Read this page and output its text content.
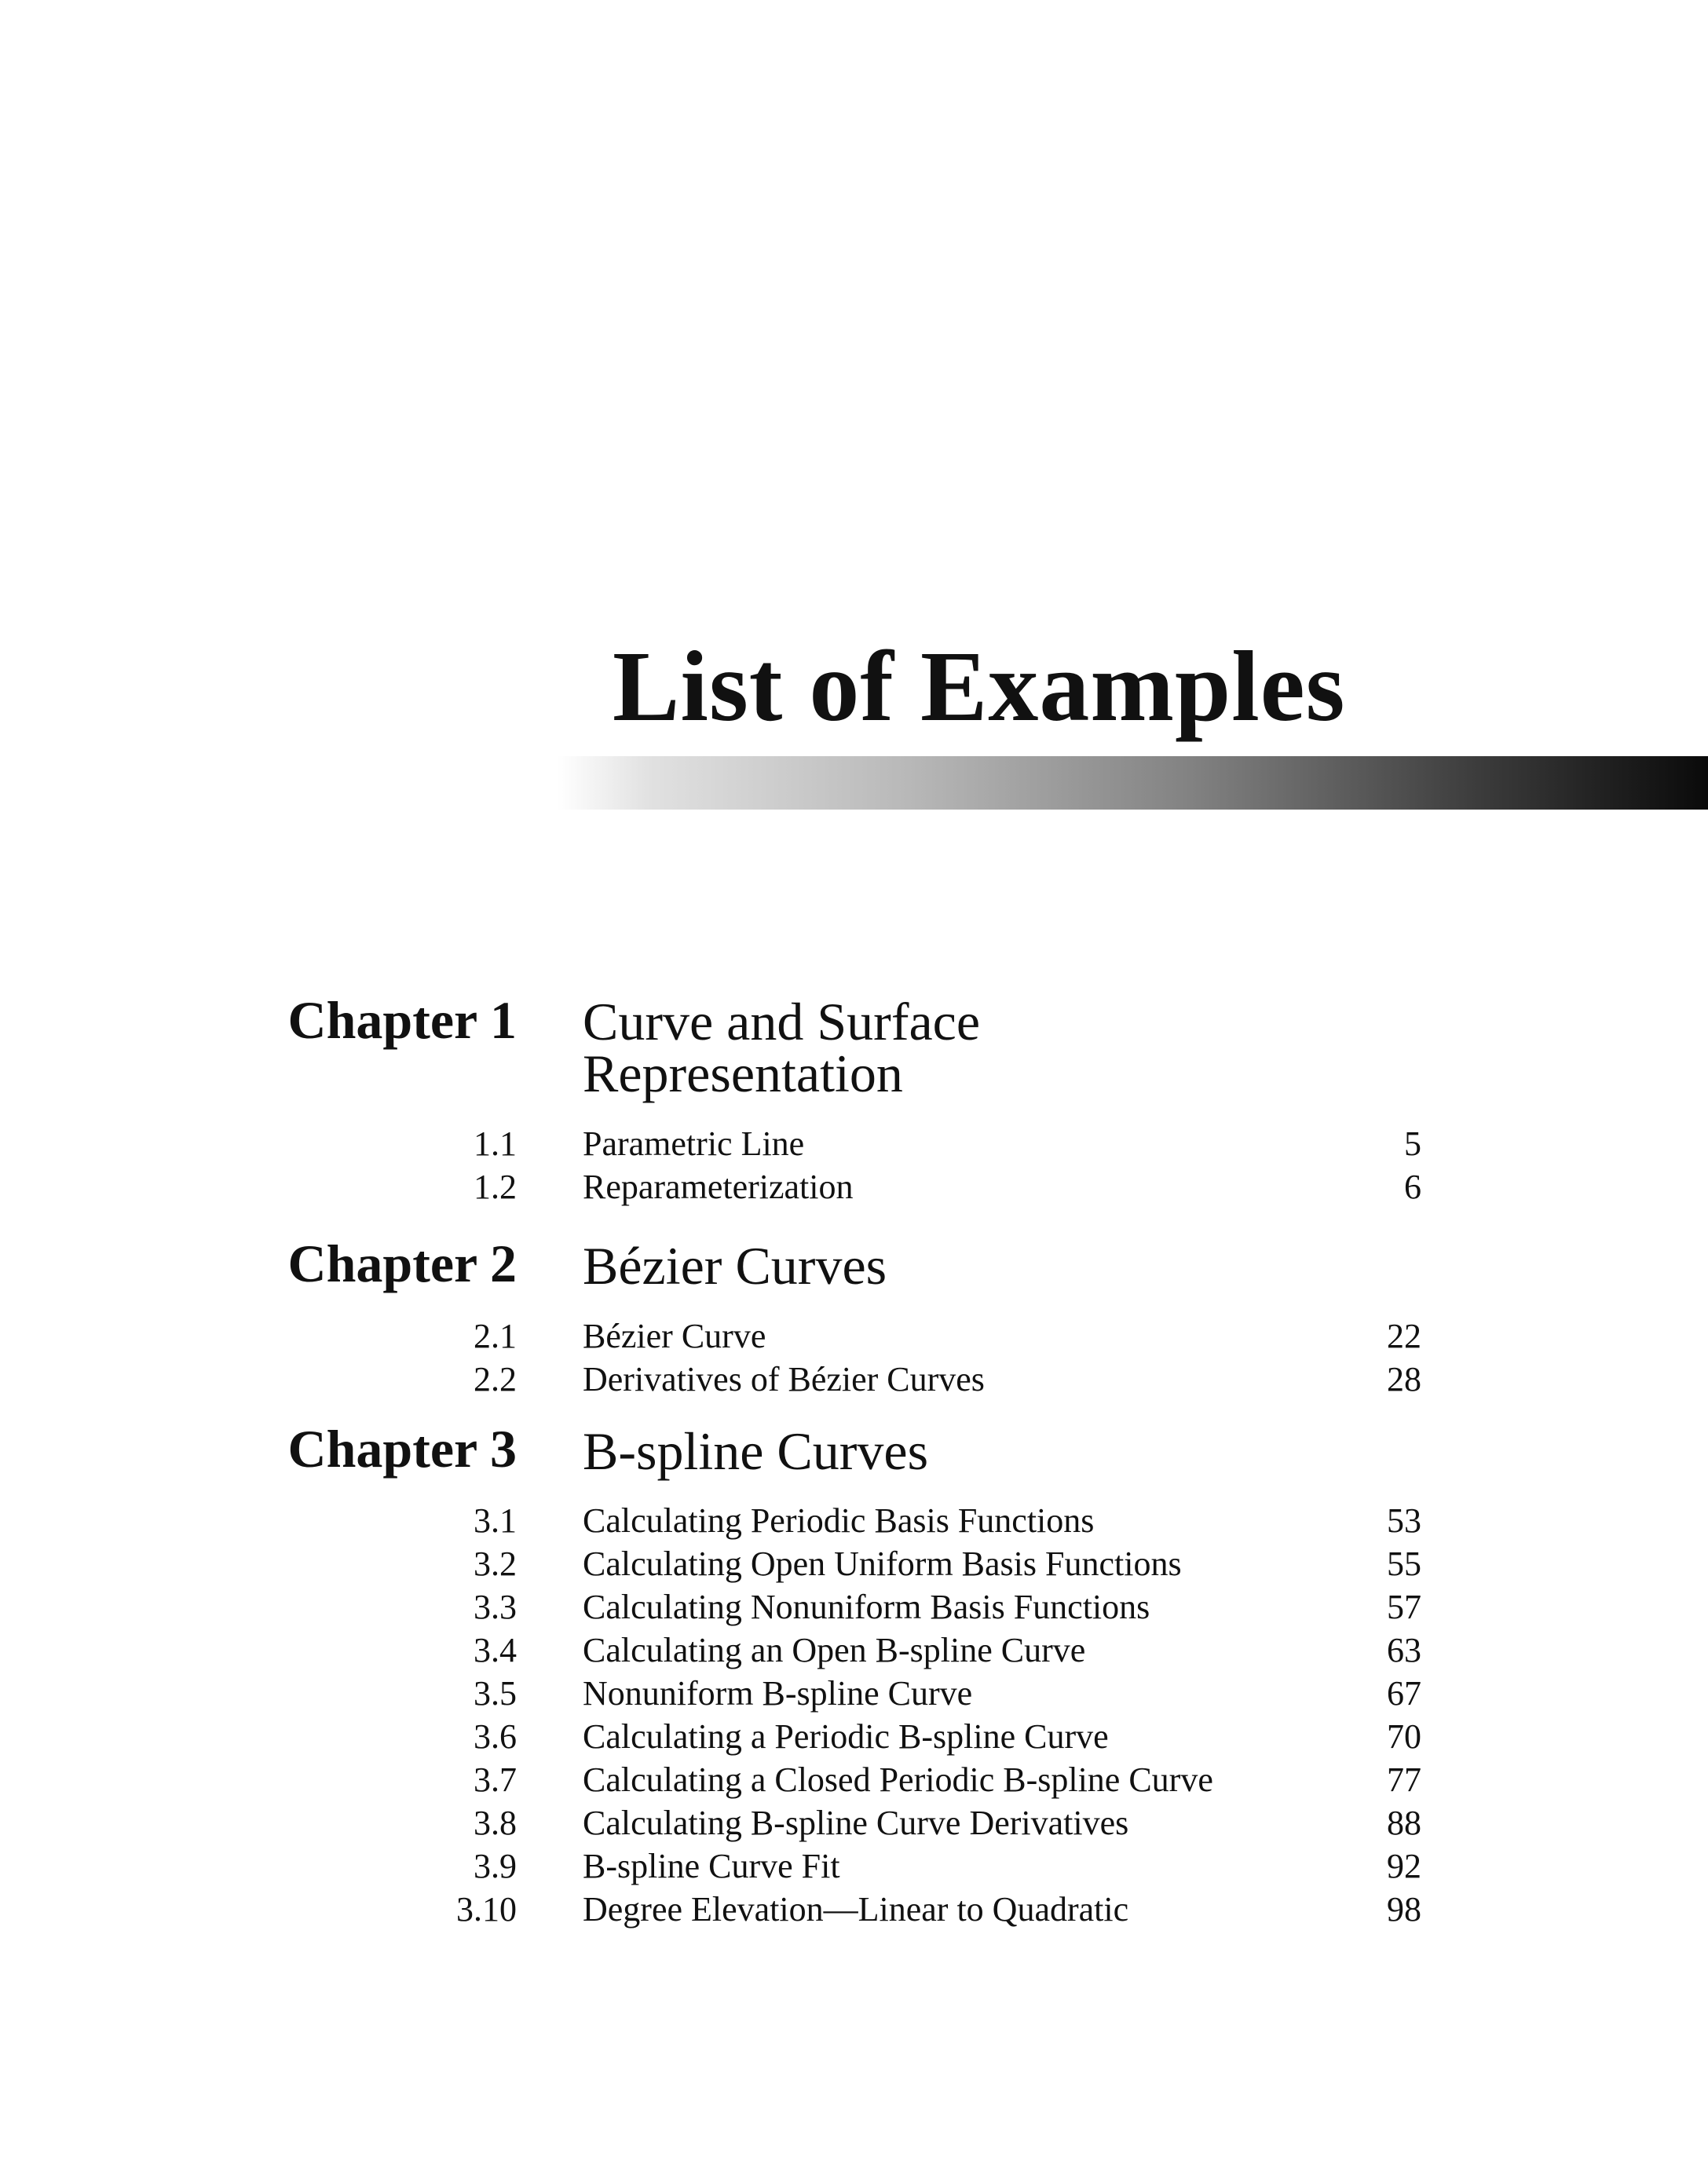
List of Examples
Chapter 1 Curve and Surface Representation
1.1 Parametric Line	5
1.2 Reparameterization	6
Chapter 2 Bézier Curves
2.1 Bézier Curve	22
2.2 Derivatives of Bézier Curves	28
Chapter 3 B-spline Curves
3.1 Calculating Periodic Basis Functions	53
3.2 Calculating Open Uniform Basis Functions	55
3.3 Calculating Nonuniform Basis Functions	57
3.4 Calculating an Open B-spline Curve	63
3.5 Nonuniform B-spline Curve	67
3.6 Calculating a Periodic B-spline Curve	70
3.7 Calculating a Closed Periodic B-spline Curve	77
3.8 Calculating B-spline Curve Derivatives	88
3.9 B-spline Curve Fit	92
3.10 Degree Elevation—Linear to Quadratic	98
